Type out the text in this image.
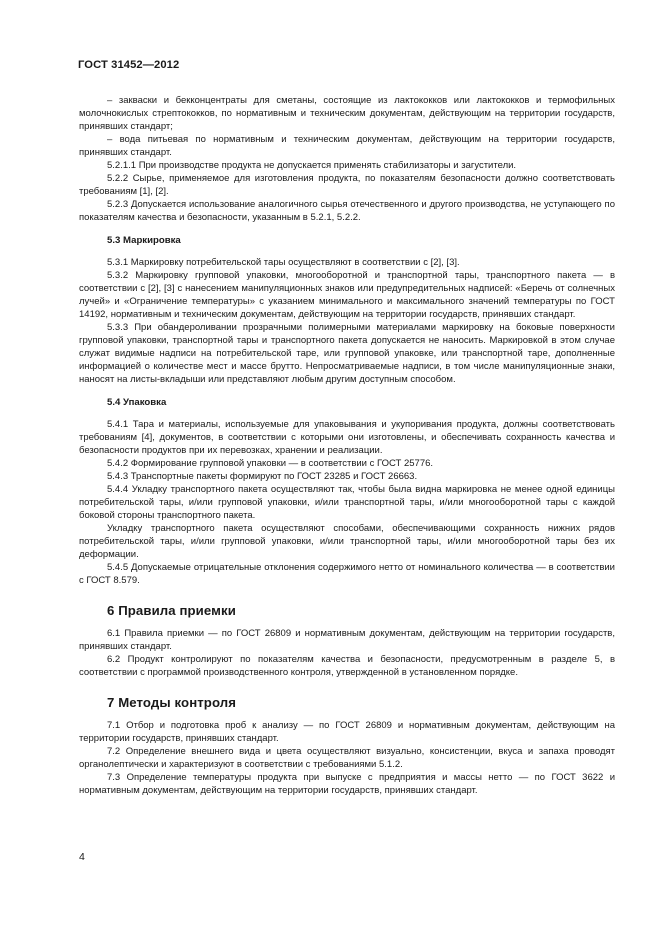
ГОСТ 31452—2012

– закваски и бекконцентраты для сметаны, состоящие из лактококков или лактококков и термофильных молочнокислых стрептококков, по нормативным и техническим документам, действующим на территории государств, принявших стандарт;

– вода питьевая по нормативным и техническим документам, действующим на территории государств, принявших стандарт.

5.2.1.1 При производстве продукта не допускается применять стабилизаторы и загустители.

5.2.2 Сырье, применяемое для изготовления продукта, по показателям безопасности должно соответствовать требованиям [1], [2].

5.2.3 Допускается использование аналогичного сырья отечественного и другого производства, не уступающего по показателям качества и безопасности, указанным в 5.2.1, 5.2.2.

5.3 Маркировка

5.3.1 Маркировку потребительской тары осуществляют в соответствии с [2], [3].

5.3.2 Маркировку групповой упаковки, многооборотной и транспортной тары, транспортного пакета — в соответствии с [2], [3] с нанесением манипуляционных знаков или предупредительных надписей: «Беречь от солнечных лучей» и «Ограничение температуры» с указанием минимального и максимального значений температуры по ГОСТ 14192, нормативным и техническим документам, действующим на территории государств, принявших стандарт.

5.3.3 При обандероливании прозрачными полимерными материалами маркировку на боковые поверхности групповой упаковки, транспортной тары и транспортного пакета допускается не наносить. Маркировкой в этом случае служат видимые надписи на потребительской таре, или групповой упаковке, или транспортной таре, дополненные информацией о количестве мест и массе брутто. Непросматриваемые надписи, в том числе манипуляционные знаки, наносят на листы-вкладыши или представляют любым другим доступным способом.

5.4 Упаковка

5.4.1 Тара и материалы, используемые для упаковывания и укупоривания продукта, должны соответствовать требованиям [4], документов, в соответствии с которыми они изготовлены, и обеспечивать сохранность качества и безопасности продуктов при их перевозках, хранении и реализации.

5.4.2 Формирование групповой упаковки — в соответствии с ГОСТ 25776.

5.4.3 Транспортные пакеты формируют по ГОСТ 23285 и ГОСТ 26663.

5.4.4 Укладку транспортного пакета осуществляют так, чтобы была видна маркировка не менее одной единицы потребительской тары, и/или групповой упаковки, и/или транспортной тары, и/или многооборотной тары с каждой боковой стороны транспортного пакета.

Укладку транспортного пакета осуществляют способами, обеспечивающими сохранность нижних рядов потребительской тары, и/или групповой упаковки, и/или транспортной тары, и/или многооборотной тары без их деформации.

5.4.5 Допускаемые отрицательные отклонения содержимого нетто от номинального количества — в соответствии с ГОСТ 8.579.

6 Правила приемки

6.1 Правила приемки — по ГОСТ 26809 и нормативным документам, действующим на территории государств, принявших стандарт.

6.2 Продукт контролируют по показателям качества и безопасности, предусмотренным в разделе 5, в соответствии с программой производственного контроля, утвержденной в установленном порядке.

7 Методы контроля

7.1 Отбор и подготовка проб к анализу — по ГОСТ 26809 и нормативным документам, действующим на территории государств, принявших стандарт.

7.2 Определение внешнего вида и цвета осуществляют визуально, консистенции, вкуса и запаха проводят органолептически и характеризуют в соответствии с требованиями 5.1.2.

7.3 Определение температуры продукта при выпуске с предприятия и массы нетто — по ГОСТ 3622 и нормативным документам, действующим на территории государств, принявших стандарт.

4
